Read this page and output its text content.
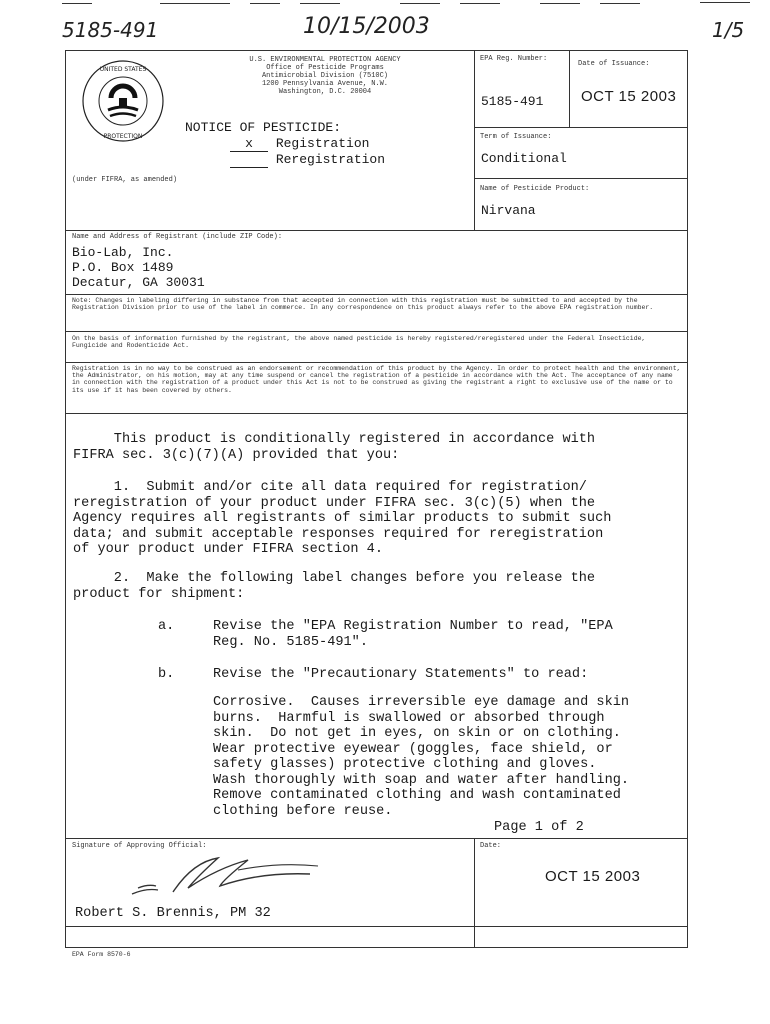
5185-491	10/15/2003	1/5
UNITED STATES
PROTECTION
U.S. ENVIRONMENTAL PROTECTION AGENCY
Office of Pesticide Programs
Antimicrobial Division (7510C)
1200 Pennsylvania Avenue, N.W.
Washington, D.C. 20004
NOTICE OF PESTICIDE:
x Registration
Reregistration
(under FIFRA, as amended)
EPA Reg. Number:
5185-491
Date of Issuance:
OCT 15 2003
Term of Issuance:
Conditional
Name of Pesticide Product:
Nirvana
Name and Address of Registrant (include ZIP Code):
Bio-Lab, Inc.
P.O. Box 1489
Decatur, GA 30031
Note: Changes in labeling differing in substance from that accepted in connection with this registration must be submitted to and accepted by the Registration Division prior to use of the label in commerce. In any correspondence on this product always refer to the above EPA registration number.
On the basis of information furnished by the registrant, the above named pesticide is hereby registered/reregistered under the Federal Insecticide, Fungicide and Rodenticide Act.
Registration is in no way to be construed as an endorsement or recommendation of this product by the Agency. In order to protect health and the environment, the Administrator, on his motion, may at any time suspend or cancel the registration of a pesticide in accordance with the Act. The acceptance of any name in connection with the registration of a product under this Act is not to be construed as giving the registrant a right to exclusive use of the name or to its use if it has been covered by others.
This product is conditionally registered in accordance with
FIFRA sec. 3(c)(7)(A) provided that you:
1.  Submit and/or cite all data required for registration/
reregistration of your product under FIFRA sec. 3(c)(5) when the
Agency requires all registrants of similar products to submit such
data; and submit acceptable responses required for reregistration
of your product under FIFRA section 4.
2.  Make the following label changes before you release the
product for shipment:
a.	Revise the "EPA Registration Number to read, "EPA
Reg. No. 5185-491".
b.	Revise the "Precautionary Statements" to read:
Corrosive.  Causes irreversible eye damage and skin
burns.  Harmful is swallowed or absorbed through
skin.  Do not get in eyes, on skin or on clothing.
Wear protective eyewear (goggles, face shield, or
safety glasses) protective clothing and gloves.
Wash thoroughly with soap and water after handling.
Remove contaminated clothing and wash contaminated
clothing before reuse.
Page 1 of 2
Signature of Approving Official:
Robert S. Brennis, PM 32
Date:
OCT 15 2003
EPA Form 8570-6
